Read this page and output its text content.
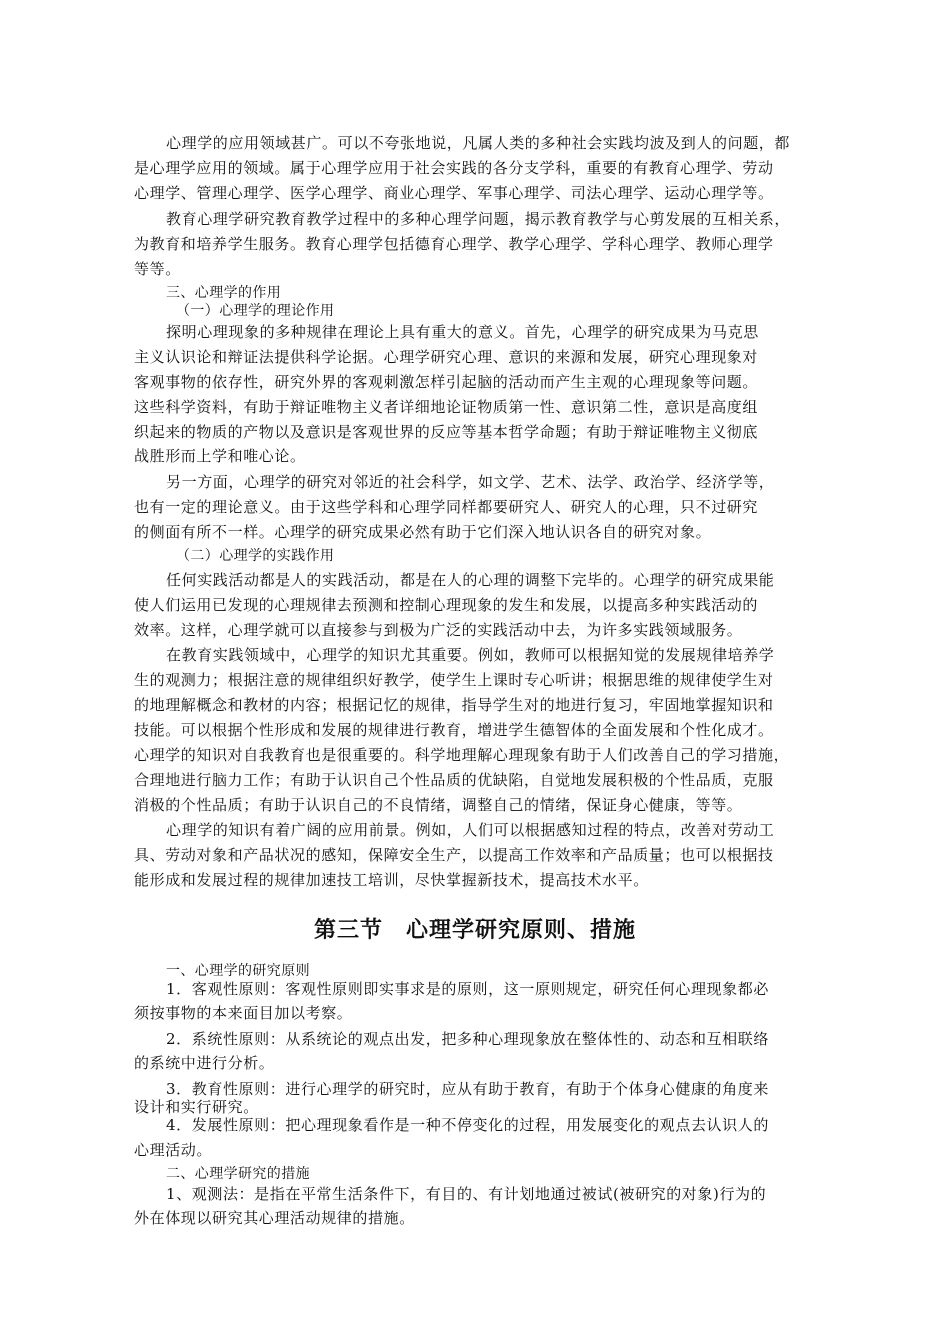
心理学的应用领域甚广。可以不夸张地说，凡属人类的多种社会实践均波及到人的问题，都

是心理学应用的领域。属于心理学应用于社会实践的各分支学科，重要的有教育心理学、劳动

心理学、管理心理学、医学心理学、商业心理学、军事心理学、司法心理学、运动心理学等。

教育心理学研究教育教学过程中的多种心理学问题，揭示教育教学与心剪发展的互相关系，

为教育和培养学生服务。教育心理学包括德育心理学、教学心理学、学科心理学、教师心理学

等等。

三、心理学的作用

（一）心理学的理论作用

探明心理现象的多种规律在理论上具有重大的意义。首先，心理学的研究成果为马克思

主义认识论和辩证法提供科学论据。心理学研究心理、意识的来源和发展，研究心理现象对

客观事物的依存性，研究外界的客观刺激怎样引起脑的活动而产生主观的心理现象等问题。

这些科学资料，有助于辩证唯物主义者详细地论证物质第一性、意识第二性，意识是高度组

织起来的物质的产物以及意识是客观世界的反应等基本哲学命题；有助于辩证唯物主义彻底

战胜形而上学和唯心论。

另一方面，心理学的研究对邻近的社会科学，如文学、艺术、法学、政治学、经济学等，

也有一定的理论意义。由于这些学科和心理学同样都要研究人、研究人的心理，只不过研究

的侧面有所不一样。心理学的研究成果必然有助于它们深入地认识各自的研究对象。

（二）心理学的实践作用

任何实践活动都是人的实践活动，都是在人的心理的调整下完毕的。心理学的研究成果能

使人们运用已发现的心理规律去预测和控制心理现象的发生和发展，以提高多种实践活动的

效率。这样，心理学就可以直接参与到极为广泛的实践活动中去，为许多实践领域服务。

在教育实践领域中，心理学的知识尤其重要。例如，教师可以根据知觉的发展规律培养学

生的观测力；根据注意的规律组织好教学，使学生上课时专心听讲；根据思维的规律使学生对

的地理解概念和教材的内容；根据记忆的规律，指导学生对的地进行复习，牢固地掌握知识和

技能。可以根据个性形成和发展的规律进行教育，增进学生德智体的全面发展和个性化成才。

心理学的知识对自我教育也是很重要的。科学地理解心理现象有助于人们改善自己的学习措施，

合理地进行脑力工作；有助于认识自己个性品质的优缺陷，自觉地发展积极的个性品质，克服

消极的个性品质；有助于认识自己的不良情绪，调整自己的情绪，保证身心健康，等等。

心理学的知识有着广阔的应用前景。例如，人们可以根据感知过程的特点，改善对劳动工

具、劳动对象和产品状况的感知，保障安全生产，以提高工作效率和产品质量；也可以根据技

能形成和发展过程的规律加速技工培训，尽快掌握新技术，提高技术水平。

第三节　心理学研究原则、措施

一、心理学的研究原则

1．客观性原则：客观性原则即实事求是的原则，这一原则规定，研究任何心理现象都必

须按事物的本来面目加以考察。

2．系统性原则：从系统论的观点出发，把多种心理现象放在整体性的、动态和互相联络

的系统中进行分析。

3．教育性原则：进行心理学的研究时，应从有助于教育，有助于个体身心健康的角度来

设计和实行研究。

4．发展性原则：把心理现象看作是一种不停变化的过程，用发展变化的观点去认识人的

心理活动。

二、心理学研究的措施

1、观测法：是指在平常生活条件下，有目的、有计划地通过被试(被研究的对象)行为的

外在体现以研究其心理活动规律的措施。
